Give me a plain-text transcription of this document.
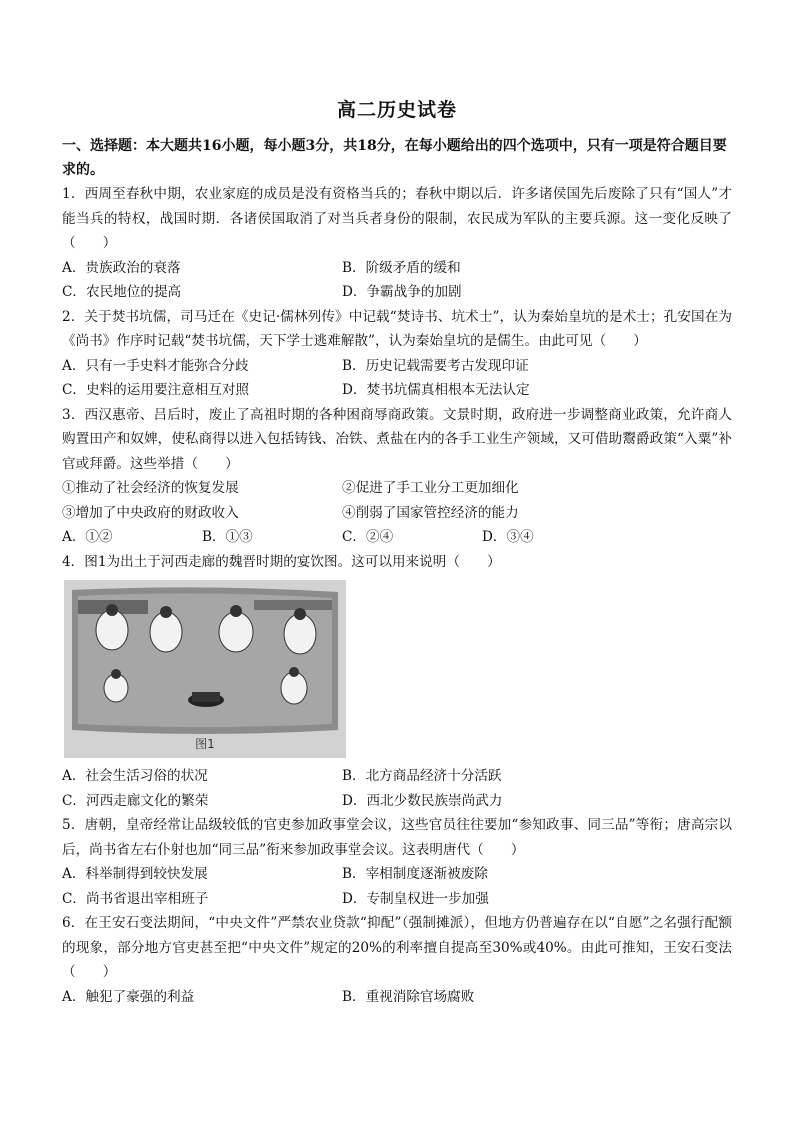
高二历史试卷

一、选择题：本大题共16小题，每小题3分，共18分，在每小题给出的四个选项中，只有一项是符合题目要求的。

1．西周至春秋中期，农业家庭的成员是没有资格当兵的；春秋中期以后．许多诸侯国先后废除了只有“国人”才能当兵的特权，战国时期．各诸侯国取消了对当兵者身份的限制，农民成为军队的主要兵源。这一变化反映了（　　）

A．贵族政治的衰落	B．阶级矛盾的缓和
C．农民地位的提高	D．争霸战争的加剧

2．关于焚书坑儒，司马迁在《史记·儒林列传》中记载“焚诗书、坑术士”，认为秦始皇坑的是术士；孔安国在为《尚书》作序时记载“焚书坑儒，天下学士逃难解散”，认为秦始皇坑的是儒生。由此可见（　　）

A．只有一手史料才能弥合分歧	B．历史记载需要考古发现印证
C．史料的运用要注意相互对照	D．焚书坑儒真相根本无法认定

3．西汉惠帝、吕后时，废止了高祖时期的各种困商辱商政策。文景时期，政府进一步调整商业政策，允许商人购置田产和奴婢，使私商得以进入包括铸钱、冶铁、煮盐在内的各手工业生产领域，又可借助鬻爵政策“入粟”补官或拜爵。这些举措（　　）

①推动了社会经济的恢复发展	②促进了手工业分工更加细化
③增加了中央政府的财政收入	④削弱了国家管控经济的能力
A．①②	B．①③	C．②④	D．③④

4．图1为出土于河西走廊的魏晋时期的宴饮图。这可以用来说明（　　）

图1
A．社会生活习俗的状况	B．北方商品经济十分活跃
C．河西走廊文化的繁荣	D．西北少数民族崇尚武力

5．唐朝，皇帝经常让品级较低的官吏参加政事堂会议，这些官员往往要加“参知政事、同三品”等衔；唐高宗以后，尚书省左右仆射也加“同三品”衔来参加政事堂会议。这表明唐代（　　）

A．科举制得到较快发展	B．宰相制度逐渐被废除
C．尚书省退出宰相班子	D．专制皇权进一步加强

6．在王安石变法期间，“中央文件”严禁农业贷款“抑配”（强制摊派），但地方仍普遍存在以“自愿”之名强行配额的现象，部分地方官吏甚至把“中央文件”规定的20%的利率擅自提高至30%或40%。由此可推知，王安石变法（　　）

A．触犯了豪强的利益	B．重视消除官场腐败
